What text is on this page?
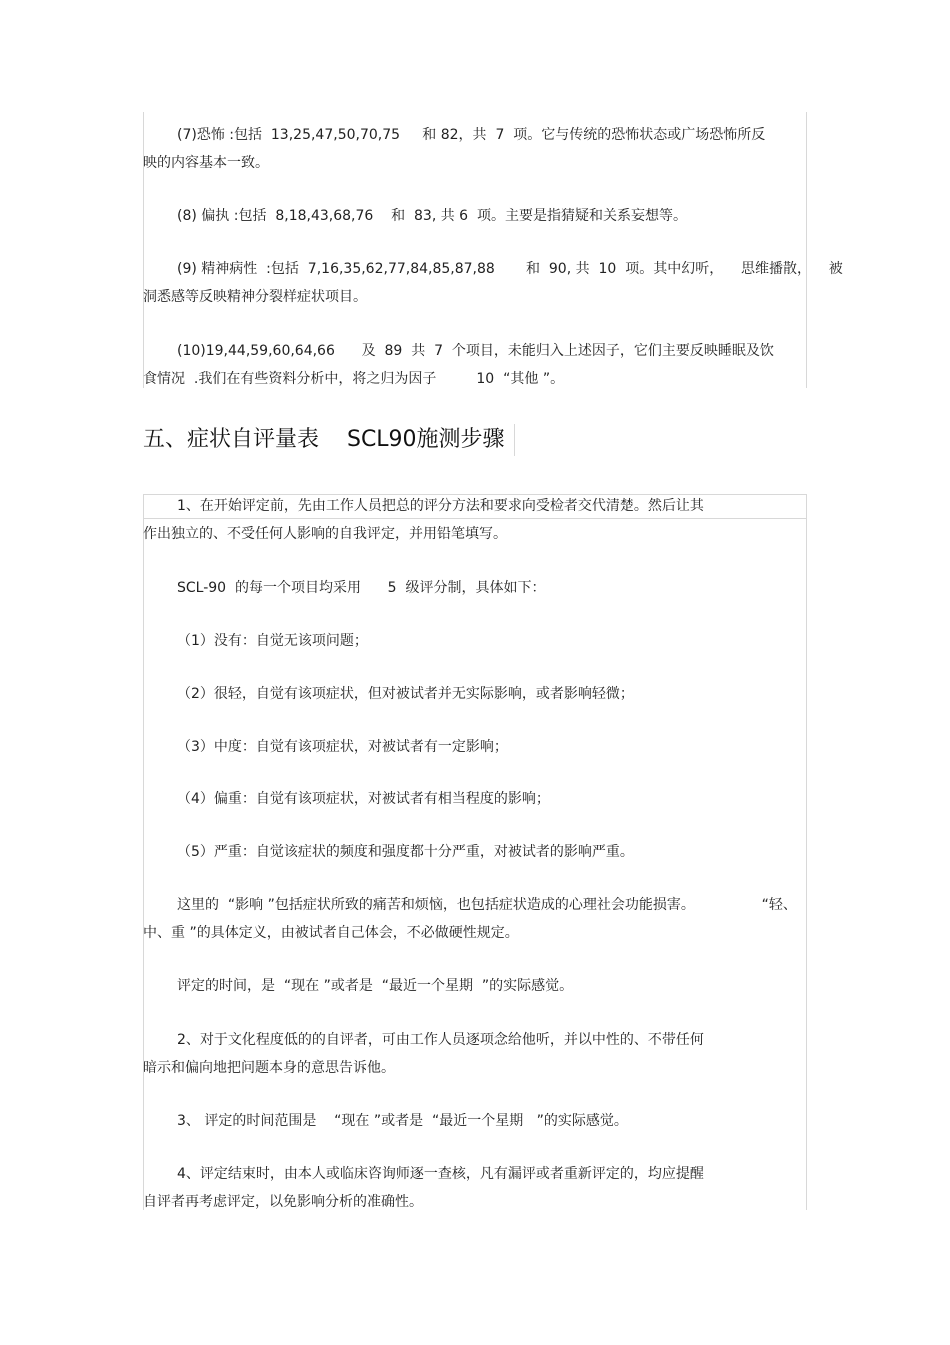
(7)恐怖 :包括  13,25,47,50,70,75     和 82，共  7  项。它与传统的恐怖状态或广场恐怖所反
映的内容基本一致。
(8) 偏执 :包括  8,18,43,68,76    和  83, 共 6  项。主要是指猜疑和关系妄想等。
(9) 精神病性  :包括  7,16,35,62,77,84,85,87,88       和  90, 共  10  项。其中幻听，    思维播散，    被
洞悉感等反映精神分裂样症状项目。
(10)19,44,59,60,64,66      及  89  共  7  个项目，未能归入上述因子，它们主要反映睡眠及饮
食情况  .我们在有些资料分析中，将之归为因子         10  “其他 ”。
五、症状自评量表    SCL90施测步骤
1、在开始评定前，先由工作人员把总的评分方法和要求向受检者交代清楚。然后让其
作出独立的、不受任何人影响的自我评定，并用铅笔填写。
SCL-90  的每一个项目均采用      5  级评分制，具体如下：
（1）没有：自觉无该项问题；
（2）很轻，自觉有该项症状，但对被试者并无实际影响，或者影响轻微；
（3）中度：自觉有该项症状，对被试者有一定影响；
（4）偏重：自觉有该项症状，对被试者有相当程度的影响；
（5）严重：自觉该症状的频度和强度都十分严重，对被试者的影响严重。
这里的  “影响 ”包括症状所致的痛苦和烦恼，也包括症状造成的心理社会功能损害。               “轻、
中、重 ”的具体定义，由被试者自己体会，不必做硬性规定。
评定的时间，是  “现在 ”或者是  “最近一个星期  ”的实际感觉。
2、对于文化程度低的的自评者，可由工作人员逐项念给他听，并以中性的、不带任何
暗示和偏向地把问题本身的意思告诉他。
3、 评定的时间范围是    “现在 ”或者是  “最近一个星期   ”的实际感觉。
4、评定结束时，由本人或临床咨询师逐一查核，凡有漏评或者重新评定的，均应提醒
自评者再考虑评定，以免影响分析的准确性。
